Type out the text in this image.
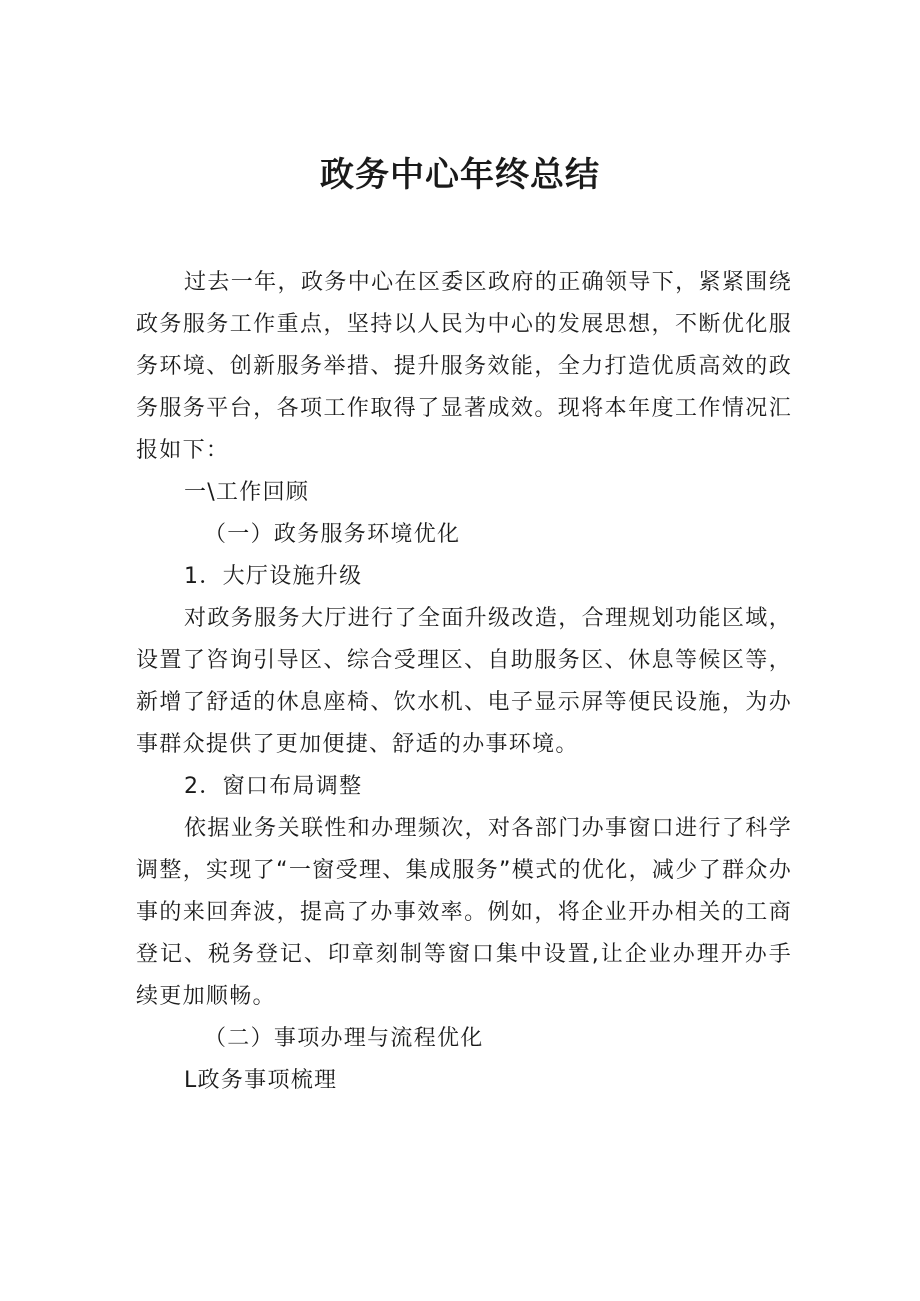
政务中心年终总结

过去一年，政务中心在区委区政府的正确领导下，紧紧围绕政务服务工作重点，坚持以人民为中心的发展思想，不断优化服务环境、创新服务举措、提升服务效能，全力打造优质高效的政务服务平台，各项工作取得了显著成效。现将本年度工作情况汇报如下：

一\工作回顾

（一）政务服务环境优化

1．大厅设施升级

对政务服务大厅进行了全面升级改造，合理规划功能区域，设置了咨询引导区、综合受理区、自助服务区、休息等候区等，新增了舒适的休息座椅、饮水机、电子显示屏等便民设施，为办事群众提供了更加便捷、舒适的办事环境。

2．窗口布局调整

依据业务关联性和办理频次，对各部门办事窗口进行了科学调整，实现了“一窗受理、集成服务”模式的优化，减少了群众办事的来回奔波，提高了办事效率。例如，将企业开办相关的工商登记、税务登记、印章刻制等窗口集中设置,让企业办理开办手续更加顺畅。

（二）事项办理与流程优化

L政务事项梳理
